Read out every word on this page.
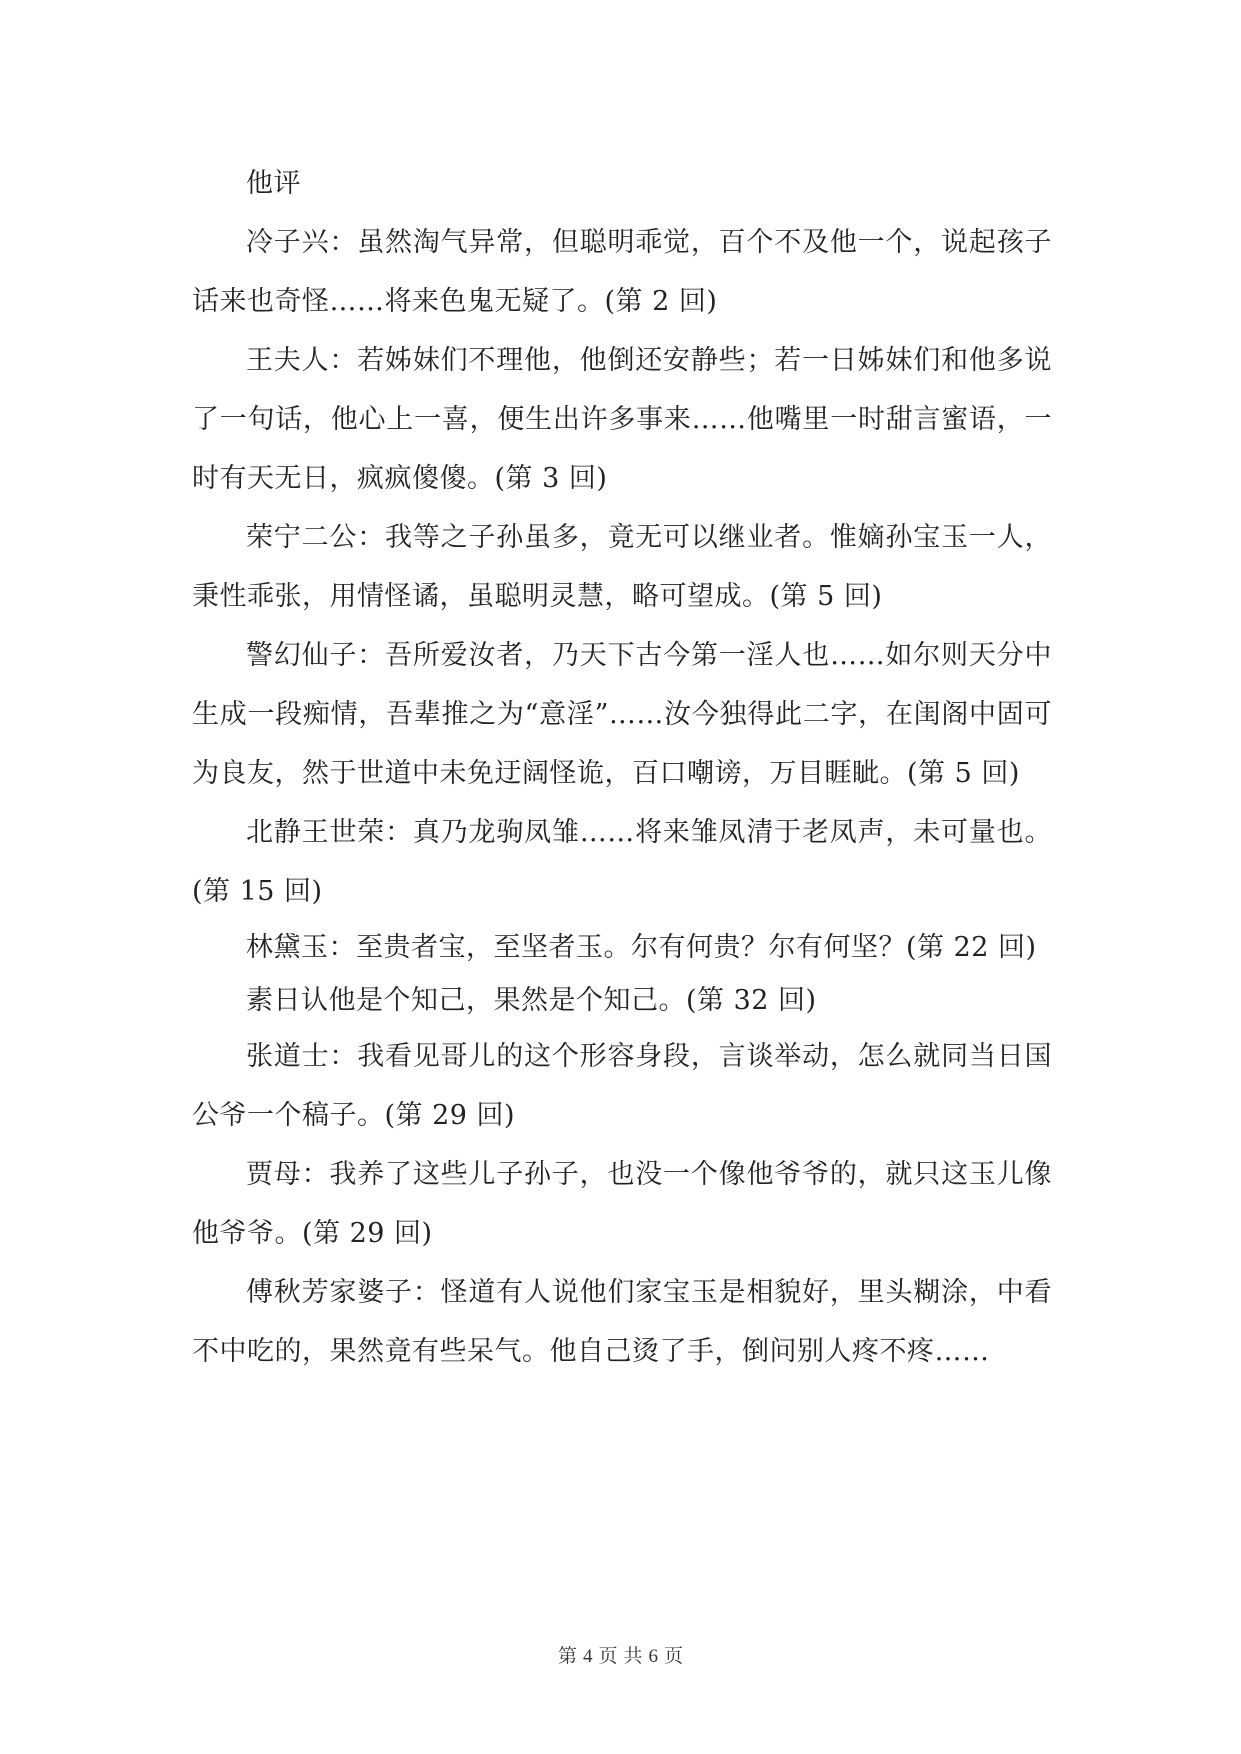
他评

冷子兴：虽然淘气异常，但聪明乖觉，百个不及他一个，说起孩子话来也奇怪……将来色鬼无疑了。(第 2 回)

王夫人：若姊妹们不理他，他倒还安静些；若一日姊妹们和他多说了一句话，他心上一喜，便生出许多事来……他嘴里一时甜言蜜语，一时有天无日，疯疯傻傻。(第 3 回)

荣宁二公：我等之子孙虽多，竟无可以继业者。惟嫡孙宝玉一人，秉性乖张，用情怪谲，虽聪明灵慧，略可望成。(第 5 回)

警幻仙子：吾所爱汝者，乃天下古今第一淫人也……如尔则天分中生成一段痴情，吾辈推之为“意淫”……汝今独得此二字，在闺阁中固可为良友，然于世道中未免迂阔怪诡，百口嘲谤，万目睚眦。(第 5 回)

北静王世荣：真乃龙驹凤雏……将来雏凤清于老凤声，未可量也。(第 15 回)

林黛玉：至贵者宝，至坚者玉。尔有何贵？尔有何坚？(第 22 回)

素日认他是个知己，果然是个知己。(第 32 回)

张道士：我看见哥儿的这个形容身段，言谈举动，怎么就同当日国公爷一个稿子。(第 29 回)

贾母：我养了这些儿子孙子，也没一个像他爷爷的，就只这玉儿像他爷爷。(第 29 回)

傅秋芳家婆子：怪道有人说他们家宝玉是相貌好，里头糊涂，中看不中吃的，果然竟有些呆气。他自己烫了手，倒问别人疼不疼……

第 4 页 共 6 页
